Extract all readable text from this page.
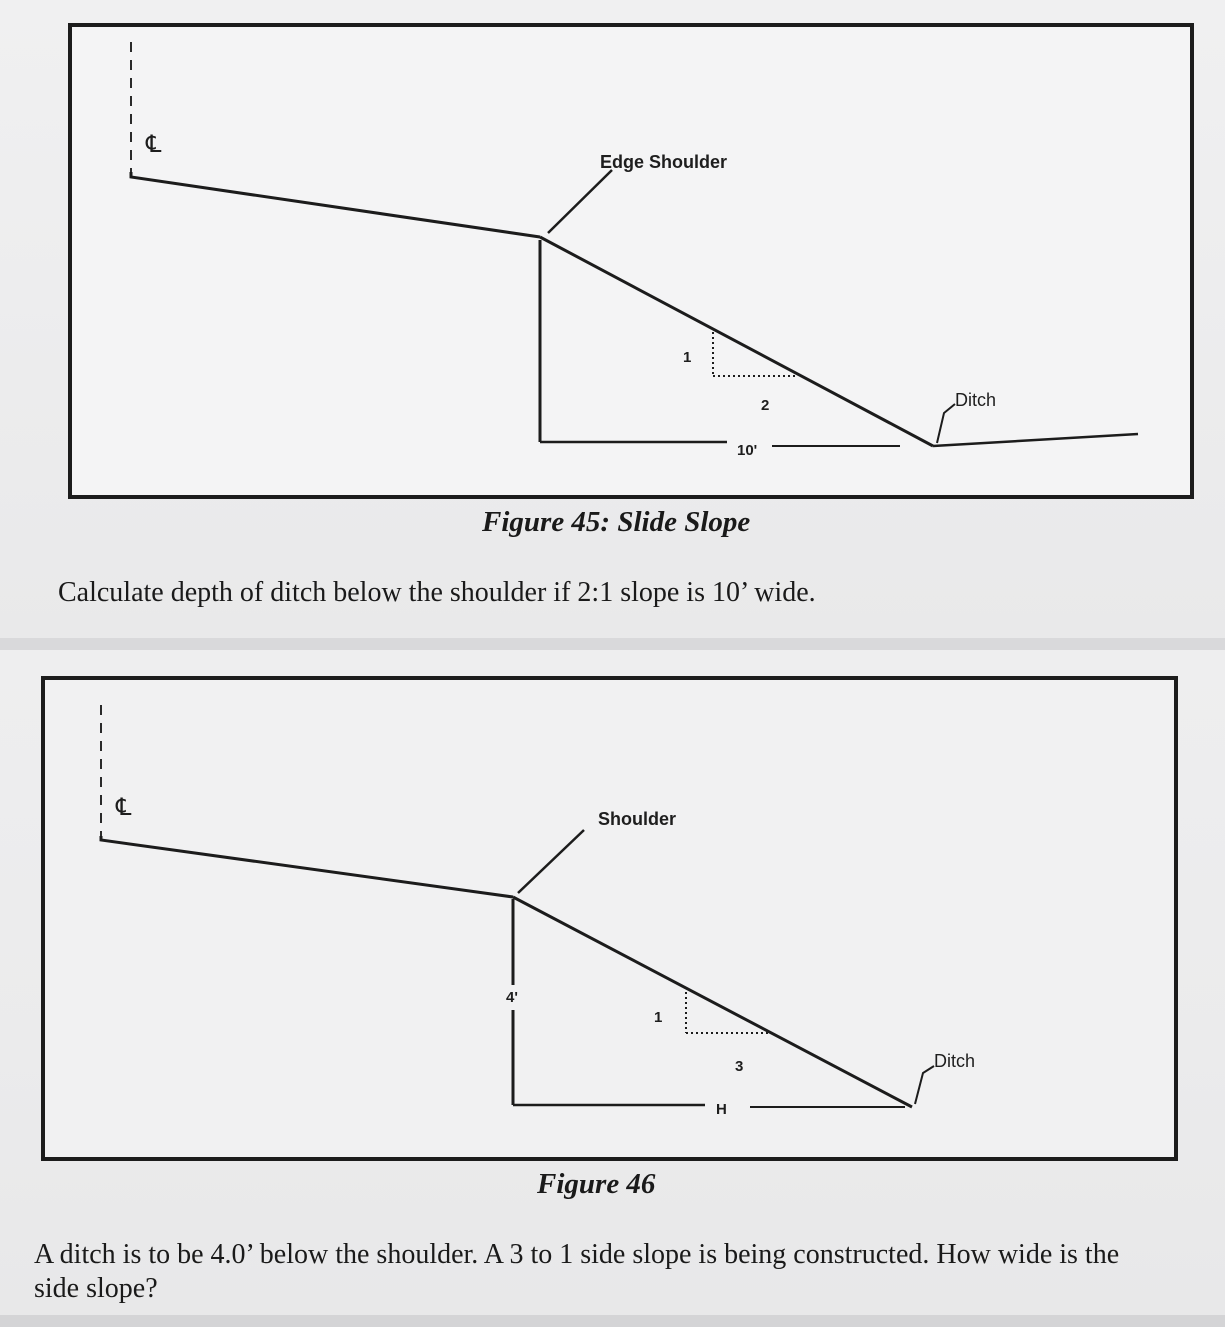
℄
10'
Edge Shoulder
1
2	Ditch
℄
4'
H
Shoulder
1
3	Ditch
Figure 45: Slide Slope
Calculate depth of ditch below the shoulder if 2:1 slope is 10’ wide.
Figure 46
A ditch is to be 4.0’ below the shoulder. A 3 to 1 side slope is being constructed. How wide is the side slope?
